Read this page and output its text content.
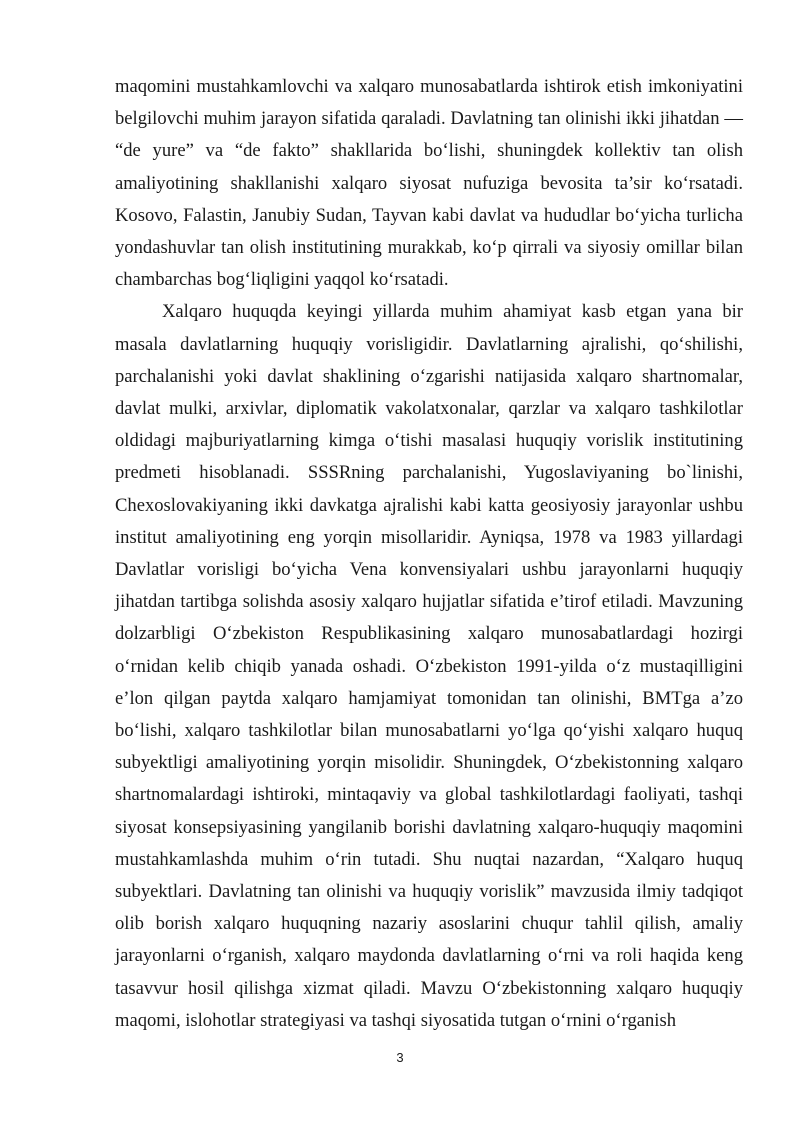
maqomini mustahkamlovchi va xalqaro munosabatlarda ishtirok etish imkoniyatini belgilovchi muhim jarayon sifatida qaraladi. Davlatning tan olinishi ikki jihatdan — “de yure” va “de fakto” shakllarida bo‘lishi, shuningdek kollektiv tan olish amaliyotining shakllanishi xalqaro siyosat nufuziga bevosita ta’sir ko‘rsatadi. Kosovo, Falastin, Janubiy Sudan, Tayvan kabi davlat va hududlar bo‘yicha turlicha yondashuvlar tan olish institutining murakkab, ko‘p qirrali va siyosiy omillar bilan chambarchas bog‘liqligini yaqqol ko‘rsatadi.

Xalqaro huquqda keyingi yillarda muhim ahamiyat kasb etgan yana bir masala davlatlarning huquqiy vorisligidir. Davlatlarning ajralishi, qo‘shilishi, parchalanishi yoki davlat shaklining o‘zgarishi natijasida xalqaro shartnomalar, davlat mulki, arxivlar, diplomatik vakolatxonalar, qarzlar va xalqaro tashkilotlar oldidagi majburiyatlarning kimga o‘tishi masalasi huquqiy vorislik institutining predmeti hisoblanadi. SSSRning parchalanishi, Yugoslaviyaning bo`linishi, Chexoslovakiyaning ikki davkatga ajralishi kabi katta geosiyosiy jarayonlar ushbu institut amaliyotining eng yorqin misollaridir. Ayniqsa, 1978 va 1983 yillardagi Davlatlar vorisligi bo‘yicha Vena konvensiyalari ushbu jarayonlarni huquqiy jihatdan tartibga solishda asosiy xalqaro hujjatlar sifatida e’tirof etiladi. Mavzuning dolzarbligi O‘zbekiston Respublikasining xalqaro munosabatlardagi hozirgi o‘rnidan kelib chiqib yanada oshadi. O‘zbekiston 1991-yilda o‘z mustaqilligini e’lon qilgan paytda xalqaro hamjamiyat tomonidan tan olinishi, BMTga a’zo bo‘lishi, xalqaro tashkilotlar bilan munosabatlarni yo‘lga qo‘yishi xalqaro huquq subyektligi amaliyotining yorqin misolidir. Shuningdek, O‘zbekistonning xalqaro shartnomalardagi ishtiroki, mintaqaviy va global tashkilotlardagi faoliyati, tashqi siyosat konsepsiyasining yangilanib borishi davlatning xalqaro-huquqiy maqomini mustahkamlashda muhim o‘rin tutadi. Shu nuqtai nazardan, “Xalqaro huquq subyektlari. Davlatning tan olinishi va huquqiy vorislik” mavzusida ilmiy tadqiqot olib borish xalqaro huquqning nazariy asoslarini chuqur tahlil qilish, amaliy jarayonlarni o‘rganish, xalqaro maydonda davlatlarning o‘rni va roli haqida keng tasavvur hosil qilishga xizmat qiladi. Mavzu O‘zbekistonning xalqaro huquqiy maqomi, islohotlar strategiyasi va tashqi siyosatida tutgan o‘rnini o‘rganish

3
